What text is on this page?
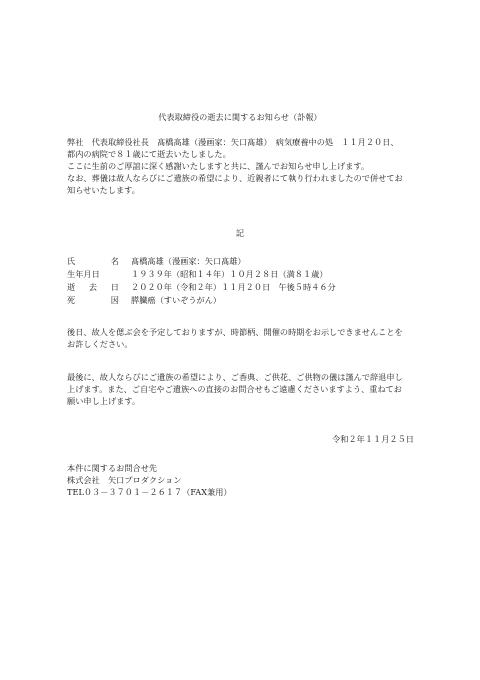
代表取締役の逝去に関するお知らせ（訃報）
弊社　代表取締役社長　髙橋髙雄（漫画家：矢口髙雄）　病気療養中の処　１１月２０日、
都内の病院で８１歳にて逝去いたしました。
ここに生前のご厚誼に深く感謝いたしますと共に、謹んでお知らせ申し上げます。
なお、葬儀は故人ならびにご遺族の希望により、近親者にて執り行われましたので併せてお
知らせいたします。
記
氏	名	髙橋髙雄（漫画家：矢口髙雄）
生年月日	１９３９年（昭和１４年）１０月２８日（満８１歳）
逝 去 日	２０２０年（令和２年）１１月２０日　午後５時４６分
死	因	膵臓癌（すいぞうがん）
後日、故人を偲ぶ会を予定しておりますが、時節柄、開催の時期をお示しできませんことを
お許しください。
最後に、故人ならびにご遺族の希望により、ご香典、ご供花、ご供物の儀は謹んで辞退申し
上げます。また、ご自宅やご遺族への直接のお問合せもご遠慮くださいますよう、重ねてお
願い申し上げます。
令和２年１１月２５日
本件に関するお問合せ先
株式会社　矢口プロダクション
TEL０３－３７０１－２６１７（FAX兼用）
